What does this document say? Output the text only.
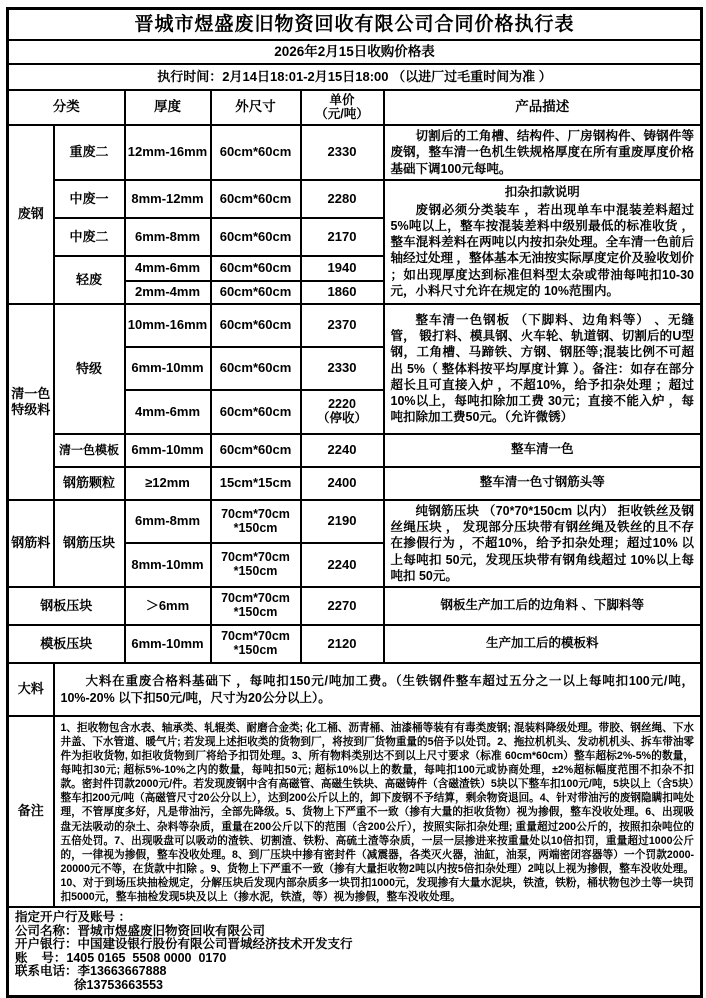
晋城市煜盛废旧物资回收有限公司合同价格执行表					
2026年2月15日收购价格表					
执行时间：2月14日18:01-2月15日18:00 （以进厂过毛重时间为准 ）					
分类		厚度	外尺寸	单价
（元/吨）	产品描述
废钢	重废二	12mm-16mm	60cm*60cm	2330	切割后的工角槽、结构件、厂房钢构件、铸钢件等废钢，整车清一色机生铁规格厚度在所有重废厚度价格基础下调100元每吨。

	中废一	8mm-12mm	60cm*60cm	2280	扣杂扣款说明

废钢必须分类装车 ，若出现单车中混装差料超过 5%吨以上，整车按混装差料中级别最低的标准收货 ，整车混料差料在两吨以内按扣杂处理。全车清一色前后轴经过处理 ，整体基本无油按实际厚度定价及验收划价 ；如出现厚度达到标准但料型太杂或带油每吨扣10-30元，小料尺寸允许在规定的 10%范围内。

	中废二	6mm-8mm	60cm*60cm	2170	
	轻废	4mm-6mm	60cm*60cm	1940	
		2mm-4mm	60cm*60cm	1860	
清一色特级料	特级	10mm-16mm	60cm*60cm	2370	整车清一色钢板 （下脚料、边角料等） 、无缝管， 锻打料、模具钢、火车轮、轨道钢、切割后的U型钢，工角槽、马蹄铁、方钢、钢胚等;混装比例不可超出 5%（ 整体料按平均厚度计算 ）。备注：如存在部分超长且可直接入炉 ，不超10%，给予扣杂处理 ；超过10%以上，每吨扣除加工费 30元；直接不能入炉 ，每吨扣除加工费50元。（允许微锈）

		6mm-10mm	60cm*60cm	2330	
		4mm-6mm	60cm*60cm	2220
（停收）	

	清一色模板	6mm-10mm	60cm*60cm	2240	整车清一色
	钢筋颗粒	≥12mm	15cm*15cm	2400	整车清一色寸钢筋头等
钢筋料	钢筋压块	6mm-8mm	70cm*70cm
*150cm	2190	纯钢筋压块 （70*70*150cm 以内） 拒收铁丝及钢丝绳压块 ， 发现部分压块带有钢丝绳及铁丝的且不存在掺假行为 ，不超10%，给予扣杂处理；超过10% 以上每吨扣 50元，发现压块带有钢角线超过 10%以上每吨扣 50元。

		8mm-10mm	70cm*70cm
*150cm	2240	
钢板压块		＞6mm	70cm*70cm
*150cm	2270	钢板生产加工后的边角料 、下脚料等
模板压块		6mm-10mm	70cm*70cm
*150cm	2120	生产加工后的模板料
大料	大料在重废合格料基础下 ，每吨扣150元/吨加工费。（生铁钢件整车超过五分之一以上每吨扣100元/吨，10%-20% 以下扣50元/吨，尺寸为20公分以上）。				

备注	1、拒收物包含水表、轴承类、轧辊类、耐磨合金类; 化工桶、沥青桶、油漆桶等装有有毒类废钢; 混装料降级处理。带胶、钢丝绳、下水井盖、下水管道、暖气片; 若发现上述拒收类的货物到厂，将按到厂货物重量的5倍予以处罚。2、拖拉机机头、发动机机头、拆车带油零件为拒收货物, 如拒收货物到厂将给予扣罚处理。3、所有物料类别达不到以上尺寸要求（标准 60cm*60cm）整车超标2%-5%的数量，每吨扣30元; 超标5%-10%之内的数量，每吨扣50元; 超标10%以上的数量，每吨扣100元或协商处理，±2%超标幅度范围不扣杂不扣款。密封件罚款2000元/件。若发现废钢中含有高磁管、高磁生铁块、高磁铸件（含磁渣铁）5块以下整车扣100元/吨，5块以上（含5块）整车扣200元/吨（高磁管尺寸20公分以上），达到200公斤以上的，卸下废钢不予结算，剩余物资退回。4、针对带油污的废钢隐瞒扣吨处理，不管厚度多好，凡是带油污，全部先降级。5、货物上下严重不一致（掺有大量的拒收货物）视为掺假，整车没收处理。6、出现吸盘无法吸动的杂土、杂料等杂质，重量在200公斤以下的范围（含200公斤），按照实际扣杂处理; 重量超过200公斤的，按照扣杂吨位的五倍处罚。7、出现吸盘可以吸动的渣铁、切割渣、铁粉、高硫土渣等杂质，一层一层掺进来按重量处以10倍扣罚，重量超过1000公斤的，一律视为掺假，整车没收处理。8、到厂压块中掺有密封件（减震器，各类灭火器，油缸，油泵，两端密闭容器等）一个罚款2000-20000元不等，在货款中扣除 。9、货物上下严重不一致（掺有大量拒收物2吨以内按5倍扣杂处理）2吨以上视为掺假，整车没收处理。10、对于到场压块抽检规定，分解压块后发现内部杂质多一块罚扣1000元，发现掺有大量水泥块，铁渣，铁粉，桶状物包沙土等一块罚扣5000元，整车抽检发现5块及以上（掺水泥，铁渣，等）视为掺假，整车没收处理。				

指定开户行及账号 ：
公司名称：晋城市煜盛废旧物资回收有限公司
开户银行：中国建设银行股份有限公司晋城经济技术开发支行
账    号：1405 0165  5508 0000  0170
联系电话：李13663667888
徐13753663553
